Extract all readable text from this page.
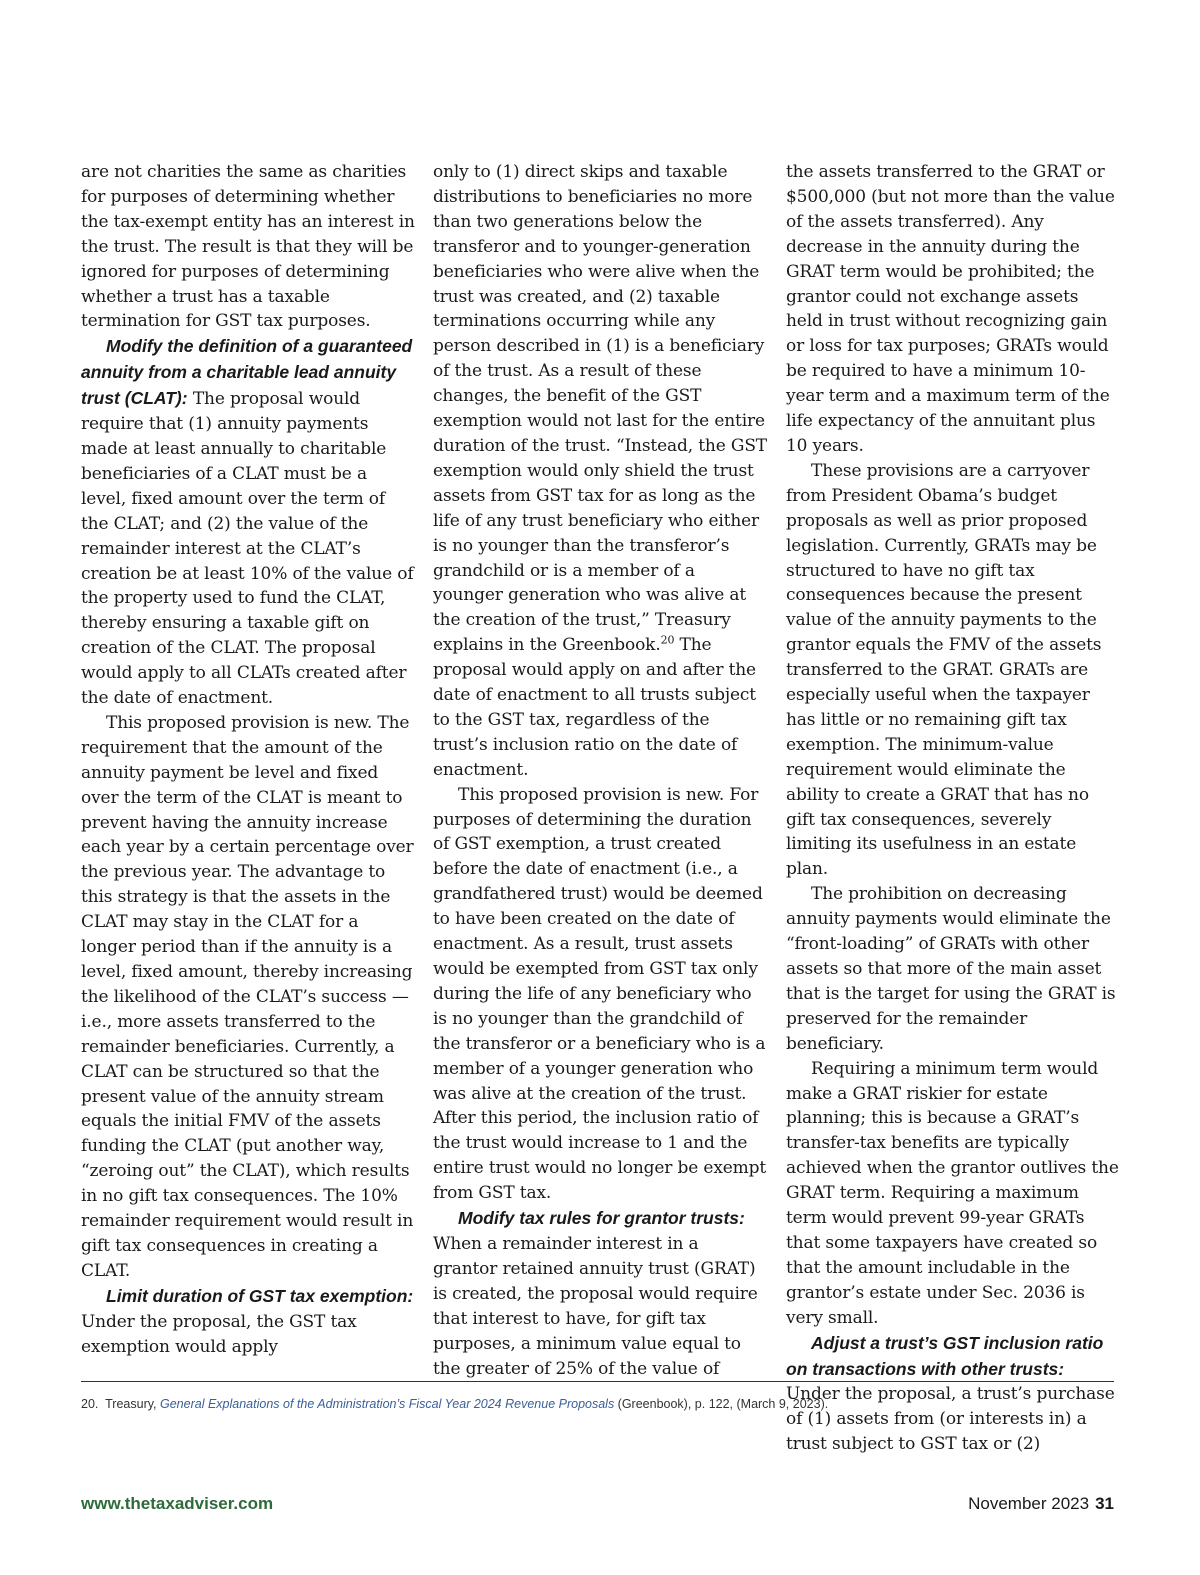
are not charities the same as charities for purposes of determining whether the tax-exempt entity has an interest in the trust. The result is that they will be ignored for purposes of determining whether a trust has a taxable termination for GST tax purposes.

Modify the definition of a guaranteed annuity from a charitable lead annuity trust (CLAT): The proposal would require that (1) annuity payments made at least annually to charitable beneficiaries of a CLAT must be a level, fixed amount over the term of the CLAT; and (2) the value of the remainder interest at the CLAT’s creation be at least 10% of the value of the property used to fund the CLAT, thereby ensuring a taxable gift on creation of the CLAT. The proposal would apply to all CLATs created after the date of enactment.

This proposed provision is new. The requirement that the amount of the annuity payment be level and fixed over the term of the CLAT is meant to prevent having the annuity increase each year by a certain percentage over the previous year. The advantage to this strategy is that the assets in the CLAT may stay in the CLAT for a longer period than if the annuity is a level, fixed amount, thereby increasing the likelihood of the CLAT’s success — i.e., more assets transferred to the remainder beneficiaries. Currently, a CLAT can be structured so that the present value of the annuity stream equals the initial FMV of the assets funding the CLAT (put another way, “zeroing out” the CLAT), which results in no gift tax consequences. The 10% remainder requirement would result in gift tax consequences in creating a CLAT.

Limit duration of GST tax exemption: Under the proposal, the GST tax exemption would apply

only to (1) direct skips and taxable distributions to beneficiaries no more than two generations below the transferor and to younger-generation beneficiaries who were alive when the trust was created, and (2) taxable terminations occurring while any person described in (1) is a beneficiary of the trust. As a result of these changes, the benefit of the GST exemption would not last for the entire duration of the trust. “Instead, the GST exemption would only shield the trust assets from GST tax for as long as the life of any trust beneficiary who either is no younger than the transferor’s grandchild or is a member of a younger generation who was alive at the creation of the trust,” Treasury explains in the Greenbook.$^{20}$ The proposal would apply on and after the date of enactment to all trusts subject to the GST tax, regardless of the trust’s inclusion ratio on the date of enactment.

This proposed provision is new. For purposes of determining the duration of GST exemption, a trust created before the date of enactment (i.e., a grandfathered trust) would be deemed to have been created on the date of enactment. As a result, trust assets would be exempted from GST tax only during the life of any beneficiary who is no younger than the grandchild of the transferor or a beneficiary who is a member of a younger generation who was alive at the creation of the trust. After this period, the inclusion ratio of the trust would increase to 1 and the entire trust would no longer be exempt from GST tax.

Modify tax rules for grantor trusts: When a remainder interest in a grantor retained annuity trust (GRAT) is created, the proposal would require that interest to have, for gift tax purposes, a minimum value equal to the greater of 25% of the value of

the assets transferred to the GRAT or $500,000 (but not more than the value of the assets transferred). Any decrease in the annuity during the GRAT term would be prohibited; the grantor could not exchange assets held in trust without recognizing gain or loss for tax purposes; GRATs would be required to have a minimum 10-year term and a maximum term of the life expectancy of the annuitant plus 10 years.

These provisions are a carryover from President Obama’s budget proposals as well as prior proposed legislation. Currently, GRATs may be structured to have no gift tax consequences because the present value of the annuity payments to the grantor equals the FMV of the assets transferred to the GRAT. GRATs are especially useful when the taxpayer has little or no remaining gift tax exemption. The minimum-value requirement would eliminate the ability to create a GRAT that has no gift tax consequences, severely limiting its usefulness in an estate plan.

The prohibition on decreasing annuity payments would eliminate the “front-loading” of GRATs with other assets so that more of the main asset that is the target for using the GRAT is preserved for the remainder beneficiary.

Requiring a minimum term would make a GRAT riskier for estate planning; this is because a GRAT’s transfer-tax benefits are typically achieved when the grantor outlives the GRAT term. Requiring a maximum term would prevent 99-year GRATs that some taxpayers have created so that the amount includable in the grantor’s estate under Sec. 2036 is very small.

Adjust a trust’s GST inclusion ratio on transactions with other trusts: Under the proposal, a trust’s purchase of (1) assets from (or interests in) a trust subject to GST tax or (2)

20. Treasury, General Explanations of the Administration’s Fiscal Year 2024 Revenue Proposals (Greenbook), p. 122, (March 9, 2023).
www.thetaxadviser.com	November 2023 31
